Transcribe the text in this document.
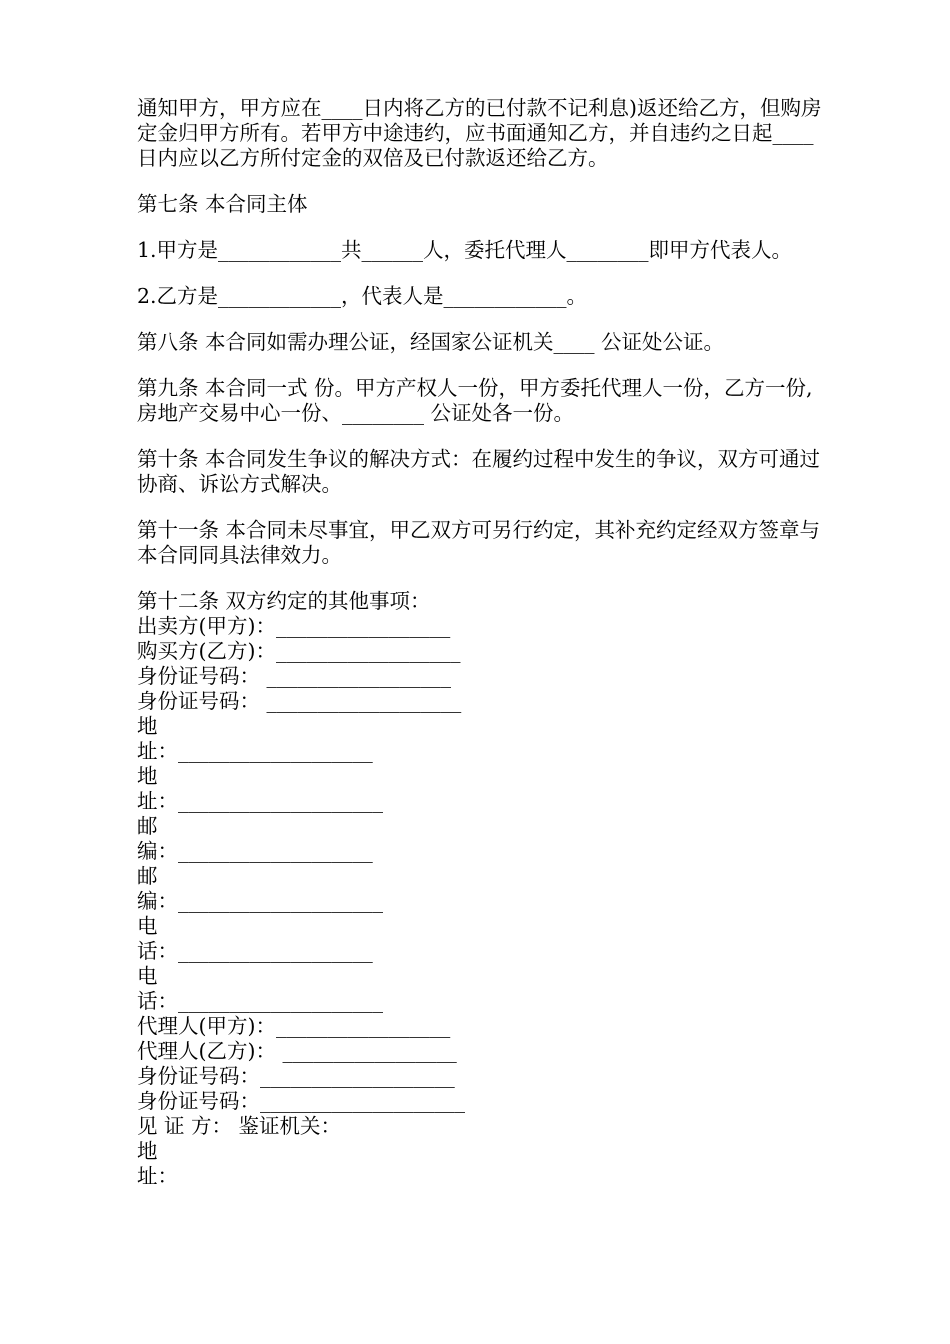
通知甲方，甲方应在____日内将乙方的已付款不记利息)返还给乙方，但购房定金归甲方所有。若甲方中途违约，应书面通知乙方，并自违约之日起____日内应以乙方所付定金的双倍及已付款返还给乙方。

第七条 本合同主体

1.甲方是____________共______人，委托代理人________即甲方代表人。

2.乙方是____________，代表人是____________。

第八条 本合同如需办理公证，经国家公证机关____ 公证处公证。

第九条 本合同一式 份。甲方产权人一份，甲方委托代理人一份，乙方一份,房地产交易中心一份、________ 公证处各一份。

第十条 本合同发生争议的解决方式：在履约过程中发生的争议，双方可通过协商、诉讼方式解决。

第十一条 本合同未尽事宜，甲乙双方可另行约定，其补充约定经双方签章与本合同同具法律效力。

第十二条 双方约定的其他事项：

出卖方(甲方)：_________________

购买方(乙方)：__________________

身份证号码： __________________

身份证号码： ___________________

地

址：___________________

地

址：____________________

邮

编：___________________

邮

编：____________________

电

话：___________________

电

话：____________________

代理人(甲方)：_________________

代理人(乙方)： _________________

身份证号码：___________________

身份证号码：____________________

见 证 方： 鉴证机关：

地

址：
